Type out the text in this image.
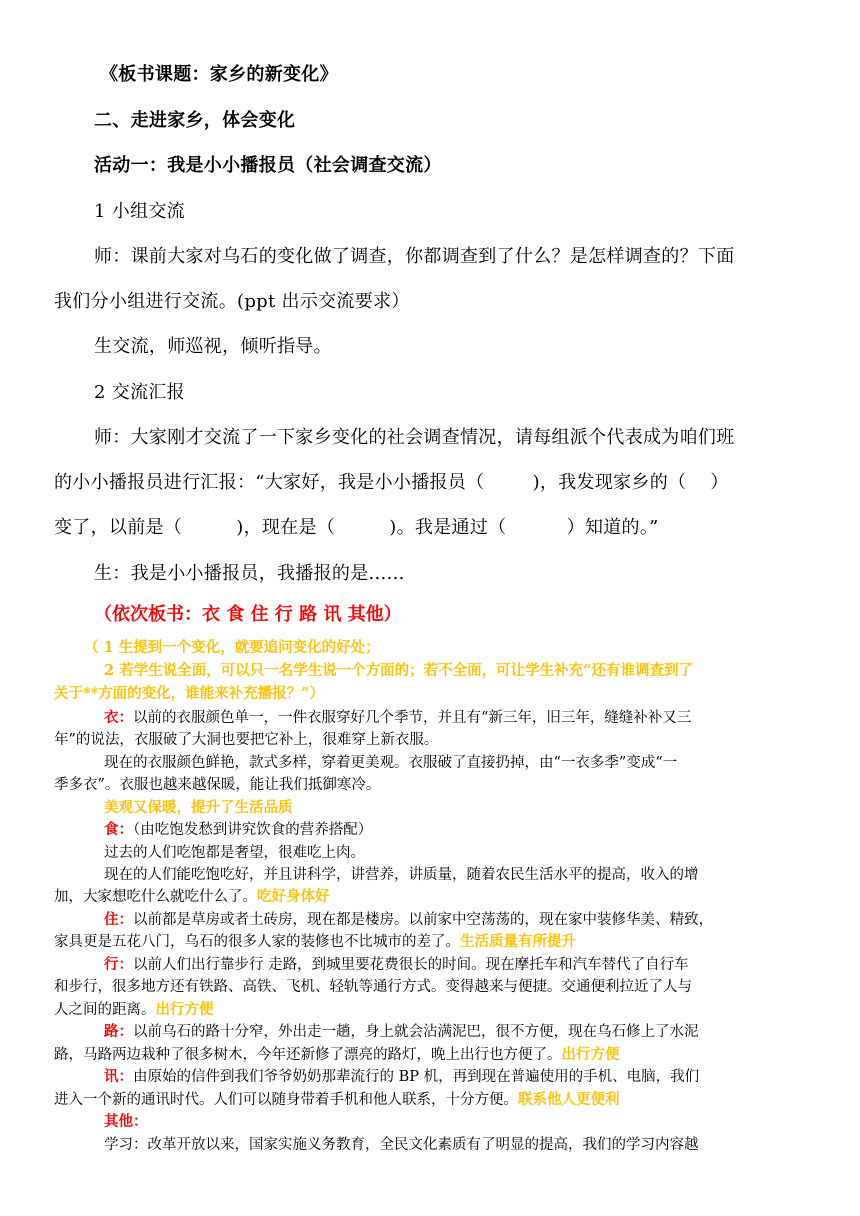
《板书课题：家乡的新变化》

二、走进家乡，体会变化

活动一：我是小小播报员（社会调查交流）

1 小组交流

师：课前大家对乌石的变化做了调查，你都调查到了什么？是怎样调查的？下面

我们分小组进行交流。(ppt 出示交流要求）

生交流，师巡视，倾听指导。

2 交流汇报

师：大家刚才交流了一下家乡变化的社会调查情况，请每组派个代表成为咱们班

的小小播报员进行汇报：“大家好，我是小小播报员（        )，我发现家乡的（    ）

变了，以前是（         )，现在是（         )。我是通过（          ）知道的。”

生：我是小小播报员，我播报的是......

（依次板书：衣 食 住 行 路 讯 其他）

（ 1 生提到一个变化，就要追问变化的好处；

2 若学生说全面，可以只一名学生说一个方面的；若不全面，可让学生补充“还有谁调查到了

关于**方面的变化，谁能来补充播报？”）

衣：以前的衣服颜色单一，一件衣服穿好几个季节，并且有“新三年，旧三年，缝缝补补又三

年”的说法，衣服破了大洞也要把它补上，很难穿上新衣服。

现在的衣服颜色鲜艳，款式多样，穿着更美观。衣服破了直接扔掉，由“一衣多季”变成“一

季多衣”。衣服也越来越保暖，能让我们抵御寒冷。

美观又保暖，提升了生活品质

食：（由吃饱发愁到讲究饮食的营养搭配）

过去的人们吃饱都是奢望，很难吃上肉。

现在的人们能吃饱吃好，并且讲科学，讲营养，讲质量，随着农民生活水平的提高，收入的增

加，大家想吃什么就吃什么了。吃好身体好

住：以前都是草房或者土砖房，现在都是楼房。以前家中空荡荡的，现在家中装修华美、精致，

家具更是五花八门，乌石的很多人家的装修也不比城市的差了。生活质量有所提升

行：以前人们出行靠步行 走路，到城里要花费很长的时间。现在摩托车和汽车替代了自行车

和步行，很多地方还有铁路、高铁、飞机、轻轨等通行方式。变得越来与便捷。交通便利拉近了人与

人之间的距离。出行方便

路：以前乌石的路十分窄，外出走一趟，身上就会沾满泥巴，很不方便，现在乌石修上了水泥

路，马路两边栽种了很多树木，今年还新修了漂亮的路灯，晚上出行也方便了。出行方便

讯：由原始的信件到我们爷爷奶奶那辈流行的 BP 机，再到现在普遍使用的手机、电脑，我们

进入一个新的通讯时代。人们可以随身带着手机和他人联系，十分方便。联系他人更便利

其他：

学习：改革开放以来，国家实施义务教育，全民文化素质有了明显的提高，我们的学习内容越
